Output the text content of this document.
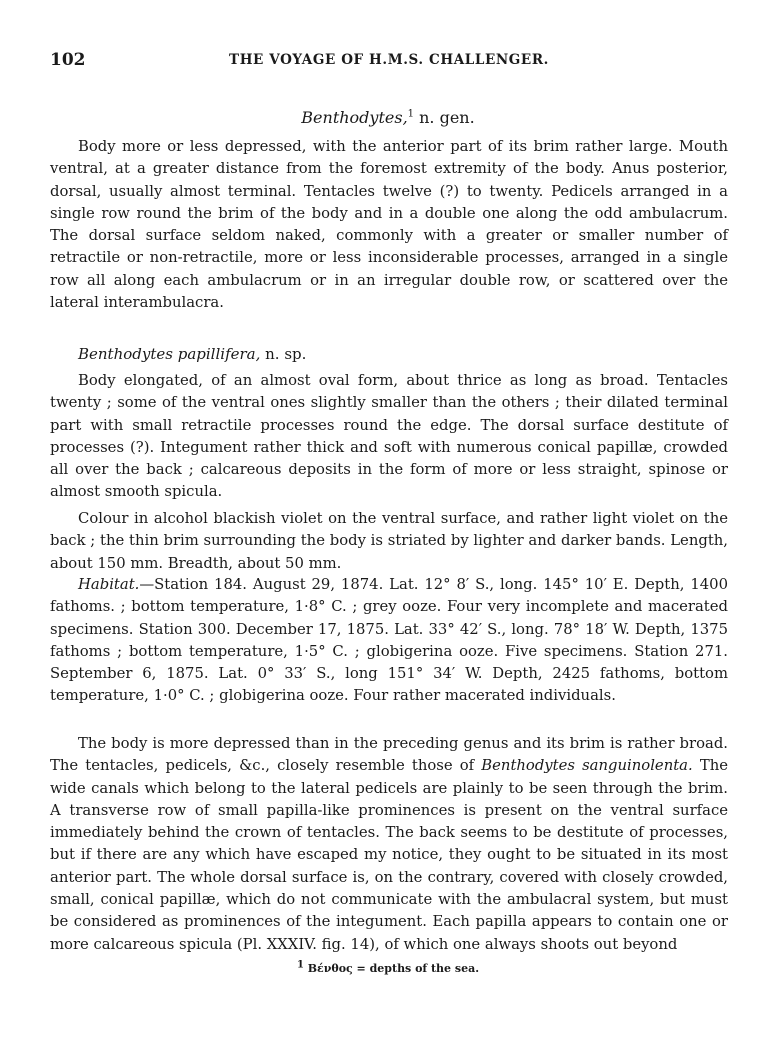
102	THE VOYAGE OF H.M.S. CHALLENGER.
Benthodytes,$^1$ n. gen.

Body more or less depressed, with the anterior part of its brim rather large. Mouth ventral, at a greater distance from the foremost extremity of the body. Anus posterior, dorsal, usually almost terminal. Tentacles twelve (?) to twenty. Pedicels arranged in a single row round the brim of the body and in a double one along the odd ambulacrum. The dorsal surface seldom naked, commonly with a greater or smaller number of retractile or non-retractile, more or less inconsiderable processes, arranged in a single row all along each ambulacrum or in an irregular double row, or scattered over the lateral interambulacra.

Benthodytes papillifera, n. sp.

Body elongated, of an almost oval form, about thrice as long as broad. Tentacles twenty ; some of the ventral ones slightly smaller than the others ; their dilated terminal part with small retractile processes round the edge. The dorsal surface destitute of processes (?). Integument rather thick and soft with numerous conical papillæ, crowded all over the back ; calcareous deposits in the form of more or less straight, spinose or almost smooth spicula.

Colour in alcohol blackish violet on the ventral surface, and rather light violet on the back ; the thin brim surrounding the body is striated by lighter and darker bands. Length, about 150 mm. Breadth, about 50 mm.

Habitat.—Station 184. August 29, 1874. Lat. 12° 8′ S., long. 145° 10′ E. Depth, 1400 fathoms. ; bottom temperature, 1·8° C. ; grey ooze. Four very incomplete and macerated specimens. Station 300. December 17, 1875. Lat. 33° 42′ S., long. 78° 18′ W. Depth, 1375 fathoms ; bottom temperature, 1·5° C. ; globigerina ooze. Five specimens. Station 271. September 6, 1875. Lat. 0° 33′ S., long 151° 34′ W. Depth, 2425 fathoms, bottom temperature, 1·0° C. ; globigerina ooze. Four rather macerated individuals.

The body is more depressed than in the preceding genus and its brim is rather broad. The tentacles, pedicels, &c., closely resemble those of Benthodytes sanguinolenta. The wide canals which belong to the lateral pedicels are plainly to be seen through the brim. A transverse row of small papilla-like prominences is present on the ventral surface immediately behind the crown of tentacles. The back seems to be destitute of processes, but if there are any which have escaped my notice, they ought to be situated in its most anterior part. The whole dorsal surface is, on the contrary, covered with closely crowded, small, conical papillæ, which do not communicate with the ambulacral system, but must be considered as prominences of the integument. Each papilla appears to contain one or more calcareous spicula (Pl. XXXIV. fig. 14), of which one always shoots out beyond

$^1$ Βένθος = depths of the sea.
